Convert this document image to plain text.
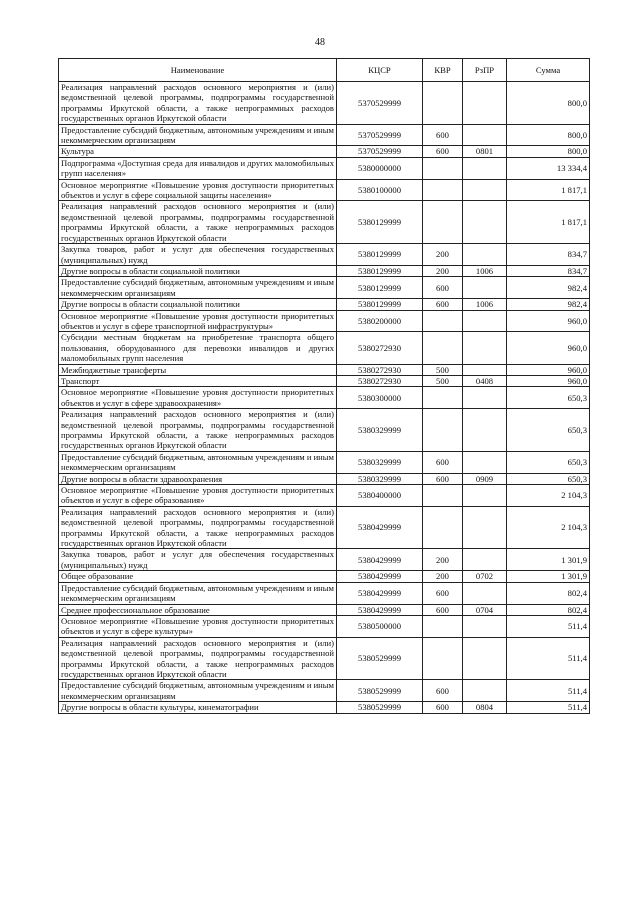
48
Наименование	КЦСР	КВР	РзПР	Сумма
Реализация направлений расходов основного мероприятия и (или) ведомственной целевой программы, подпрограммы государственной программы Иркутской области, а также непрограммных расходов государственных органов Иркутской области	5370529999			800,0
Предоставление субсидий бюджетным, автономным учреждениям и иным некоммерческим организациям	5370529999	600		800,0
Культура	5370529999	600	0801	800,0
Подпрограмма «Доступная среда для инвалидов и других маломобильных групп населения»	5380000000			13 334,4
Основное мероприятие «Повышение уровня доступности приоритетных объектов и услуг в сфере социальной защиты населения»	5380100000			1 817,1
Реализация направлений расходов основного мероприятия и (или) ведомственной целевой программы, подпрограммы государственной программы Иркутской области, а также непрограммных расходов государственных органов Иркутской области	5380129999			1 817,1
Закупка товаров, работ и услуг для обеспечения государственных (муниципальных) нужд	5380129999	200		834,7
Другие вопросы в области социальной политики	5380129999	200	1006	834,7
Предоставление субсидий бюджетным, автономным учреждениям и иным некоммерческим организациям	5380129999	600		982,4
Другие вопросы в области социальной политики	5380129999	600	1006	982,4
Основное мероприятие «Повышение уровня доступности приоритетных объектов и услуг в сфере транспортной инфраструктуры»	5380200000			960,0
Субсидии местным бюджетам на приобретение транспорта общего пользования, оборудованного для перевозки инвалидов и других маломобильных групп населения	5380272930			960,0
Межбюджетные трансферты	5380272930	500		960,0
Транспорт	5380272930	500	0408	960,0
Основное мероприятие «Повышение уровня доступности приоритетных объектов и услуг в сфере здравоохранения»	5380300000			650,3
Реализация направлений расходов основного мероприятия и (или) ведомственной целевой программы, подпрограммы государственной программы Иркутской области, а также непрограммных расходов государственных органов Иркутской области	5380329999			650,3
Предоставление субсидий бюджетным, автономным учреждениям и иным некоммерческим организациям	5380329999	600		650,3
Другие вопросы в области здравоохранения	5380329999	600	0909	650,3
Основное мероприятие «Повышение уровня доступности приоритетных объектов и услуг в сфере образования»	5380400000			2 104,3
Реализация направлений расходов основного мероприятия и (или) ведомственной целевой программы, подпрограммы государственной программы Иркутской области, а также непрограммных расходов государственных органов Иркутской области	5380429999			2 104,3
Закупка товаров, работ и услуг для обеспечения государственных (муниципальных) нужд	5380429999	200		1 301,9
Общее образование	5380429999	200	0702	1 301,9
Предоставление субсидий бюджетным, автономным учреждениям и иным некоммерческим организациям	5380429999	600		802,4
Среднее профессиональное образование	5380429999	600	0704	802,4
Основное мероприятие «Повышение уровня доступности приоритетных объектов и услуг в сфере культуры»	5380500000			511,4
Реализация направлений расходов основного мероприятия и (или) ведомственной целевой программы, подпрограммы государственной программы Иркутской области, а также непрограммных расходов государственных органов Иркутской области	5380529999			511,4
Предоставление субсидий бюджетным, автономным учреждениям и иным некоммерческим организациям	5380529999	600		511,4
Другие вопросы в области культуры, кинематографии	5380529999	600	0804	511,4
